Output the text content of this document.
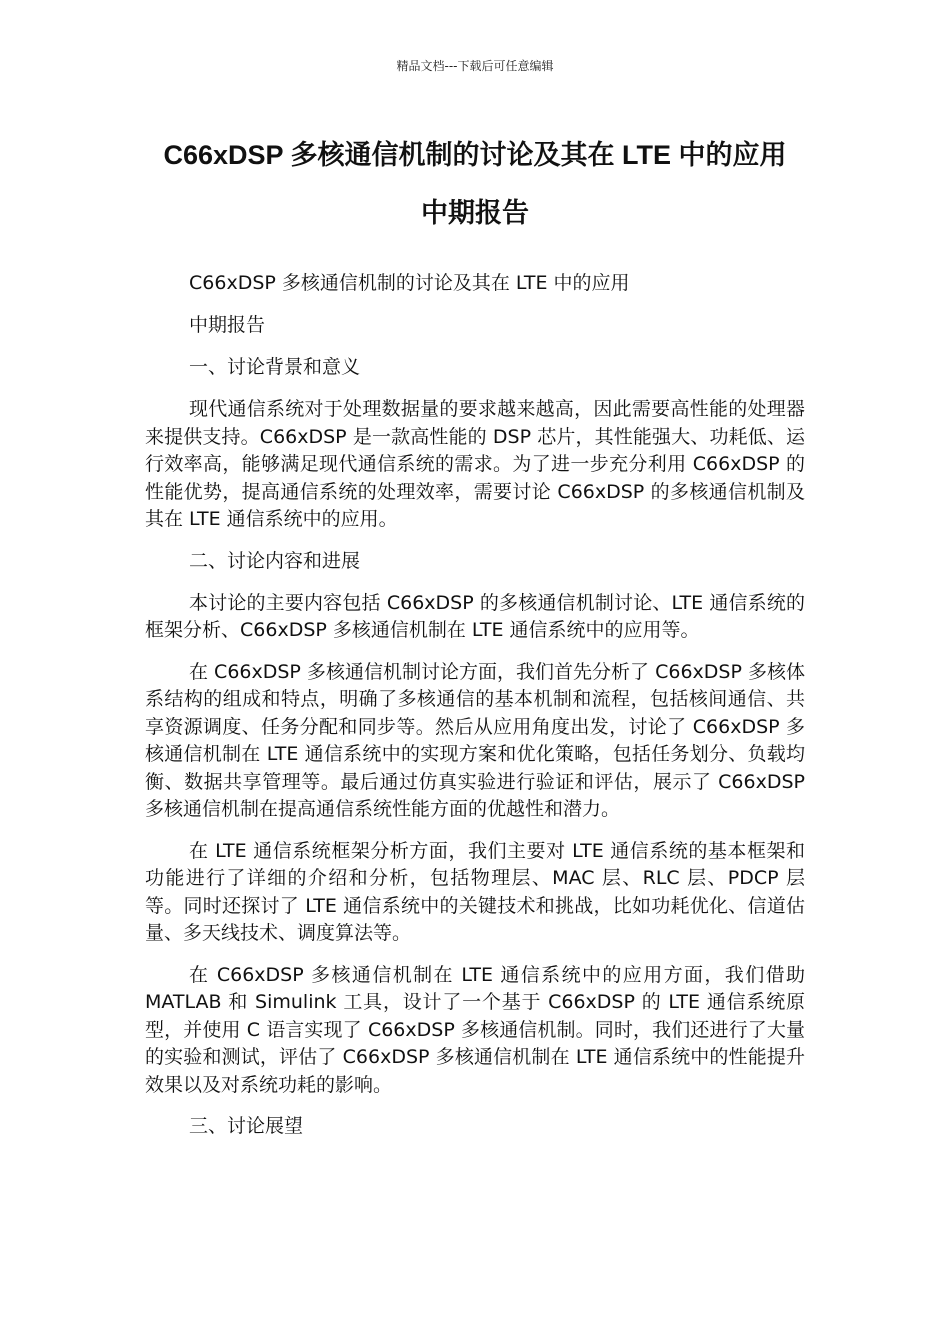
精品文档---下载后可任意编辑
C66xDSP 多核通信机制的讨论及其在 LTE 中的应用
中期报告

C66xDSP 多核通信机制的讨论及其在 LTE 中的应用

中期报告

一、讨论背景和意义

现代通信系统对于处理数据量的要求越来越高，因此需要高性能的处理器来提供支持。C66xDSP 是一款高性能的 DSP 芯片，其性能强大、功耗低、运行效率高，能够满足现代通信系统的需求。为了进一步充分利用 C66xDSP 的性能优势，提高通信系统的处理效率，需要讨论 C66xDSP 的多核通信机制及其在 LTE 通信系统中的应用。

二、讨论内容和进展

本讨论的主要内容包括 C66xDSP 的多核通信机制讨论、LTE 通信系统的框架分析、C66xDSP 多核通信机制在 LTE 通信系统中的应用等。

在 C66xDSP 多核通信机制讨论方面，我们首先分析了 C66xDSP 多核体系结构的组成和特点，明确了多核通信的基本机制和流程，包括核间通信、共享资源调度、任务分配和同步等。然后从应用角度出发，讨论了 C66xDSP 多核通信机制在 LTE 通信系统中的实现方案和优化策略，包括任务划分、负载均衡、数据共享管理等。最后通过仿真实验进行验证和评估，展示了 C66xDSP 多核通信机制在提高通信系统性能方面的优越性和潜力。

在 LTE 通信系统框架分析方面，我们主要对 LTE 通信系统的基本框架和功能进行了详细的介绍和分析，包括物理层、MAC 层、RLC 层、PDCP 层等。同时还探讨了 LTE 通信系统中的关键技术和挑战，比如功耗优化、信道估量、多天线技术、调度算法等。

在 C66xDSP 多核通信机制在 LTE 通信系统中的应用方面，我们借助 MATLAB 和 Simulink 工具，设计了一个基于 C66xDSP 的 LTE 通信系统原型，并使用 C 语言实现了 C66xDSP 多核通信机制。同时，我们还进行了大量的实验和测试，评估了 C66xDSP 多核通信机制在 LTE 通信系统中的性能提升效果以及对系统功耗的影响。

三、讨论展望
